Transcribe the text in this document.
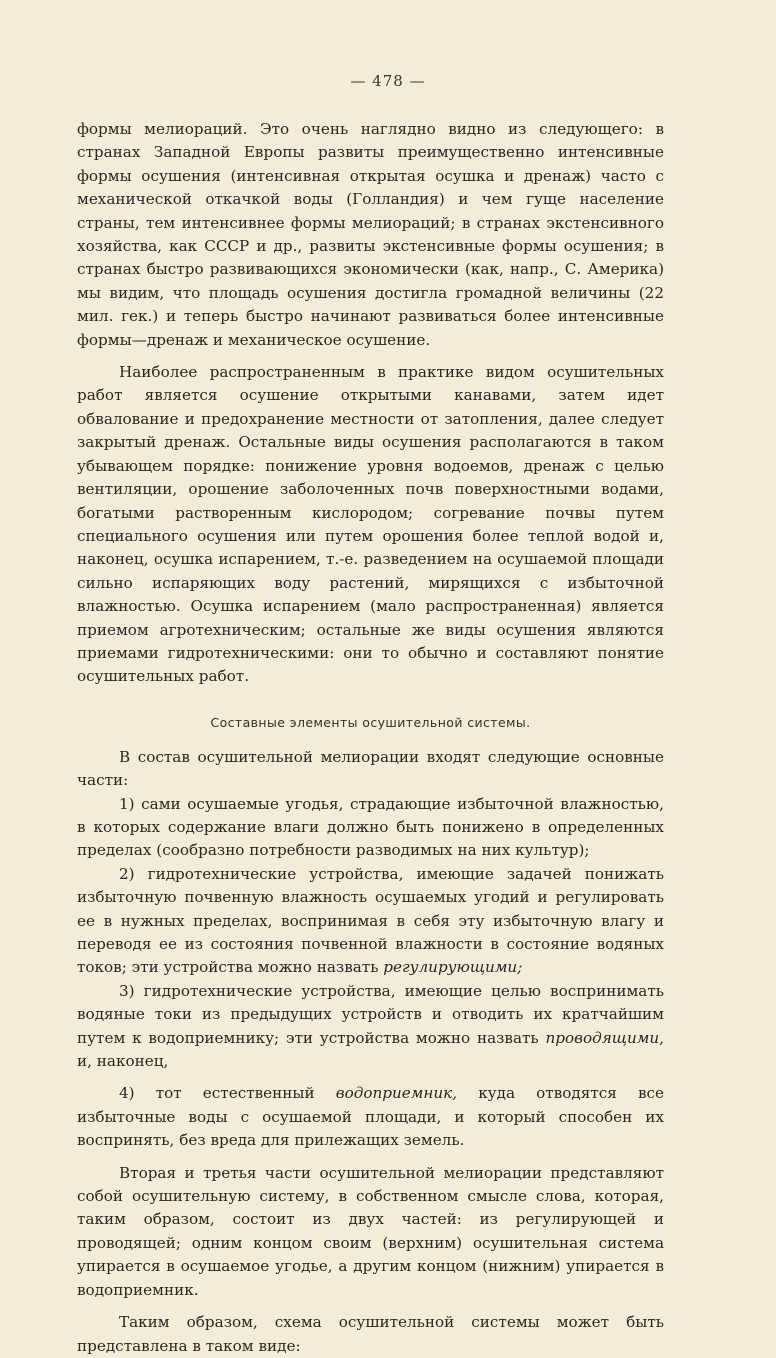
— 478 —

формы мелиораций. Это очень наглядно видно из следующего: в странах Западной Европы развиты преимущественно интенсивные формы осушения (интенсивная открытая осушка и дренаж) часто с механической откачкой воды (Голландия) и чем гуще население страны, тем интенсивнее формы мелиораций; в странах экстенсивного хозяйства, как СССР и др., развиты экстенсивные формы осушения; в странах быстро развивающихся экономически (как, напр., С. Америка) мы видим, что площадь осушения достигла громадной величины (22 мил. гек.) и теперь быстро начинают развиваться более интенсивные формы—дренаж и механическое осушение.

Наиболее распространенным в практике видом осушительных работ является осушение открытыми канавами, затем идет обвалование и предохранение местности от затопления, далее следует закрытый дренаж. Остальные виды осушения располагаются в таком убывающем порядке: понижение уровня водоемов, дренаж с целью вентиляции, орошение заболоченных почв поверхностными водами, богатыми растворенным кислородом; согревание почвы путем специального осушения или путем орошения более теплой водой и, наконец, осушка испарением, т.-е. разведением на осушаемой площади сильно испаряющих воду растений, мирящихся с избыточной влажностью. Осушка испарением (мало распространенная) является приемом агротехническим; остальные же виды осушения являются приемами гидротехническими: они то обычно и составляют понятие осушительных работ.

Составные элементы осушительной системы.

В состав осушительной мелиорации входят следующие основные части:

1) сами осушаемые угодья, страдающие избыточной влажностью, в которых содержание влаги должно быть понижено в определенных пределах (сообразно потребности разводимых на них культур);

2) гидротехнические устройства, имеющие задачей понижать избыточную почвенную влажность осушаемых угодий и регулировать ее в нужных пределах, воспринимая в себя эту избыточную влагу и переводя ее из состояния почвенной влажности в состояние водяных токов; эти устройства можно назвать регулирующими;

3) гидротехнические устройства, имеющие целью воспринимать водяные токи из предыдущих устройств и отводить их кратчайшим путем к водоприемнику; эти устройства можно назвать проводящими, и, наконец,

4) тот естественный водоприемник, куда отводятся все избыточные воды с осушаемой площади, и который способен их воспринять, без вреда для прилежащих земель.

Вторая и третья части осушительной мелиорации представляют собой осушительную систему, в собственном смысле слова, которая, таким образом, состоит из двух частей: из регулирующей и проводящей; одним концом своим (верхним) осушительная система упирается в осушаемое угодье, а другим концом (нижним) упирается в водоприемник.

Таким образом, схема осушительной системы может быть представлена в таком виде:
